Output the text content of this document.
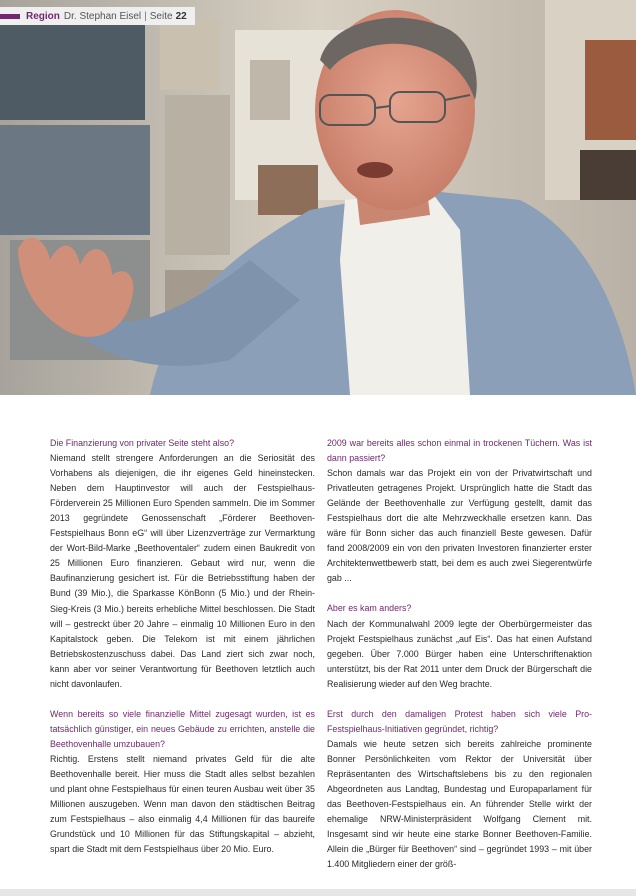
Region Dr. Stephan Eisel | Seite 22

Die Finanzierung von privater Seite steht also?

Niemand stellt strengere Anforderungen an die Seriosität des Vorhabens als diejenigen, die ihr eigenes Geld hineinstecken. Neben dem Hauptinvestor will auch der Festspielhaus-Förderverein 25 Millionen Euro Spenden sammeln. Die im Sommer 2013 gegründete Genossenschaft „Förderer Beethoven-Festspielhaus Bonn eG“ will über Lizenzverträge zur Vermarktung der Wort-Bild-Marke „Beethoventaler“ zudem einen Baukredit von 25 Millionen Euro finanzieren. Gebaut wird nur, wenn die Baufinanzierung gesichert ist. Für die Betriebsstiftung haben der Bund (39 Mio.), die Sparkasse KönBonn (5 Mio.) und der Rhein-Sieg-Kreis (3 Mio.) bereits erhebliche Mittel beschlossen. Die Stadt will – gestreckt über 20 Jahre – einmalig 10 Millionen Euro in den Kapitalstock geben. Die Telekom ist mit einem jährlichen Betriebskostenzuschuss dabei. Das Land ziert sich zwar noch, kann aber vor seiner Verantwortung für Beethoven letztlich auch nicht davonlaufen.

Wenn bereits so viele finanzielle Mittel zugesagt wurden, ist es tatsächlich günstiger, ein neues Gebäude zu errichten, anstelle die Beethovenhalle umzubauen?

Richtig. Erstens stellt niemand privates Geld für die alte Beethovenhalle bereit. Hier muss die Stadt alles selbst bezahlen und plant ohne Festspielhaus für einen teuren Ausbau weit über 35 Millionen auszugeben. Wenn man davon den städtischen Beitrag zum Festspielhaus – also einmalig 4,4 Millionen für das baureife Grundstück und 10 Millionen für das Stiftungskapital – abzieht, spart die Stadt mit dem Festspielhaus über 20 Mio. Euro.

2009 war bereits alles schon einmal in trockenen Tüchern. Was ist dann passiert?

Schon damals war das Projekt ein von der Privatwirtschaft und Privatleuten getragenes Projekt. Ursprünglich hatte die Stadt das Gelände der Beethovenhalle zur Verfügung gestellt, damit das Festspielhaus dort die alte Mehrzweckhalle ersetzen kann. Das wäre für Bonn sicher das auch finanziell Beste gewesen. Dafür fand 2008/2009 ein von den privaten Investoren finanzierter erster Architektenwettbewerb statt, bei dem es auch zwei Siegerentwürfe gab ...

Aber es kam anders?

Nach der Kommunalwahl 2009 legte der Oberbürgermeister das Projekt Festspielhaus zunächst „auf Eis“. Das hat einen Aufstand gegeben. Über 7.000 Bürger haben eine Unterschriftenaktion unterstützt, bis der Rat 2011 unter dem Druck der Bürgerschaft die Realisierung wieder auf den Weg brachte.

Erst durch den damaligen Protest haben sich viele Pro-Festspielhaus-Initiativen gegründet, richtig?

Damals wie heute setzen sich bereits zahlreiche prominente Bonner Persönlichkeiten vom Rektor der Universität über Repräsentanten des Wirtschaftslebens bis zu den regionalen Abgeordneten aus Landtag, Bundestag und Europaparlament für das Beethoven-Festspielhaus ein. An führender Stelle wirkt der ehemalige NRW-Ministerpräsident Wolfgang Clement mit. Insgesamt sind wir heute eine starke Bonner Beethoven-Familie. Allein die „Bürger für Beethoven“ sind – gegründet 1993 – mit über 1.400 Mitgliedern einer der größ-
